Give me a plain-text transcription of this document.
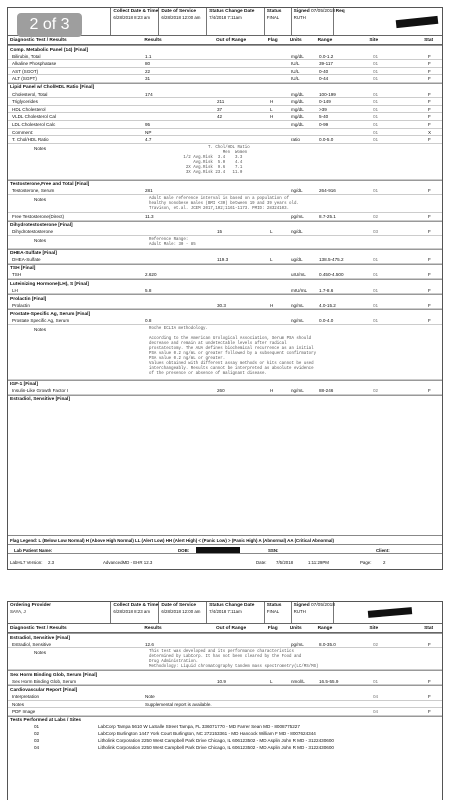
Collect Date & Time
6/28/2018 8:23 am
Date of Service
6/28/2018 12:00 am
Status Change Date
7/4/2018 7:11am
Status
FINAL
Signed 07/05/2018
RUTH
Req
Diagnostic Test / Results	Results	Out of Range	Flag	Units	Range	Site	Stat
Comp. Metabolic Panel (14) [Final]
Bilirubin, Total	1.1	mg/dL	0.0-1.2	01	F
Alkaline Phosphatase	80	IU/L	39-117	01	F
AST (SGOT)	22	IU/L	0-40	01	F
ALT (SGPT)	31	IU/L	0-44	01	F
Lipid Panel w/ Chol/HDL Ratio [Final]
Cholesterol, Total	174	mg/dL	100-199	01	F
Triglycerides	211	H	mg/dL	0-149	01	F
HDL Cholesterol	37	L	mg/dL	>39	01	F
VLDL Cholesterol Cal	42	H	mg/dL	5-40	01	F
LDL Cholesterol Calc	95	mg/dL	0-99	01	F
Comment:	NP	01	X
T. Chol/HDL Ratio	4.7	ratio	0.0-5.0	01	F
Notes	T. Chol/HDL Ratio
Men  Women
1/2 Avg.Risk  3.4    3.3
Avg.Risk  5.0    4.4
2X Avg.Risk  9.6    7.1
3X Avg.Risk 23.4   11.0
Testosterone,Free and Total [Final]
Testosterone, Serum	281	ng/dL	264-916	01	F
Notes	Adult male reference interval is based on a population of
healthy nonobese males (BMI <30) between 19 and 39 years old.
Travison, et.al. JCEM 2017,102;1161-1173. PMID: 28324103.
Free Testosterone(Direct)	11.3	pg/mL	8.7-25.1	02	F
Dihydrotestosterone [Final]
Dihydrotestosterone	15	L	ng/dL	03	F
Notes	Reference Range:
Adult Male: 30 - 85
DHEA-Sulfate [Final]
DHEA-Sulfate	119.3	L	ug/dL	138.5-475.2	01	F
TSH [Final]
TSH	2.620	uIU/mL	0.450-4.500	01	F
Luteinizing Hormone(LH), S [Final]
LH	5.8	mIU/mL	1.7-8.6	01	F
Prolactin [Final]
Prolactin	30.3	H	ng/mL	4.0-15.2	01	F
Prostate-Specific Ag, Serum [Final]
Prostate Specific Ag, Serum	0.8	ng/mL	0.0-4.0	01	F
Notes	Roche ECLIA methodology.

According to the American Urological Association, Serum PSA should
decrease and remain at undetectable levels after radical
prostatectomy. The AUA defines biochemical recurrence as an initial
PSA value 0.2 ng/mL or greater followed by a subsequent confirmatory
PSA value 0.2 ng/mL or greater.
Values obtained with different assay methods or kits cannot be used
interchangeably. Results cannot be interpreted as absolute evidence
of the presence or absence of malignant disease.
IGF-1 [Final]
Insulin-Like Growth Factor I	260	H	ng/mL	88-246	02	F
Estradiol, Sensitive [Final]
Flag Legend: L (Below Low Normal) H (Above High Normal) LL (Alert Low) HH (Alert High) < (Panic Low) > (Panic High) A (Abnormal) AA (Critical Abnormal)
Lab Patient Name:	DOB:	SSN:	Client:
LabHL7 Version: 2.3	AdvancedMD - EHR 12.3	Date: 7/5/2018	1:11:29PM	Page:	2
2 of 3
Ordering Provider
SAYA, J
Collect Date & Time
6/28/2018 8:23 am
Date of Service
6/28/2018 12:00 am
Status Change Date
7/4/2018 7:11am
Status
FINAL
Signed 07/05/2018
RUTH
Diagnostic Test / Results	Results	Out of Range	Flag	Units	Range	Site	Stat
Estradiol, Sensitive [Final]
Estradiol, Sensitive	12.6	pg/mL	8.0-35.0	02	F
Notes	This test was developed and its performance characteristics
determined by LabCorp. It has not been cleared by the Food and
Drug Administration.
Methodology: Liquid chromatography tandem mass spectrometry(LC/MS/MS)
Sex Horm Binding Glob, Serum [Final]
Sex Horm Binding Glob, Serum	10.9	L	nmol/L	16.5-55.9	01	F
Cardiovascular Report [Final]
Interpretation	Note	04	F
Notes	Supplemental report is available.
PDF Image	04	F
Tests Performed at Labs / Sites
01	LabCorp Tampa 5610 W LaSalle Street Tampa, FL 336071770 - MD Farrer Sean MD - 8008775227
02	LabCorp Burlington 1447 York Court Burlington, NC 272153361 - MD Hancock William F MD - 8007624344
03	Litholink Corporation 2250 West Campbell Park Drive Chicago, IL 606123502 - MD Asplin John R MD - 3122430600
04	Litholink Corporation 2250 West Campbell Park Drive Chicago, IL 606123502 - MD Asplin John R MD - 3122430600
